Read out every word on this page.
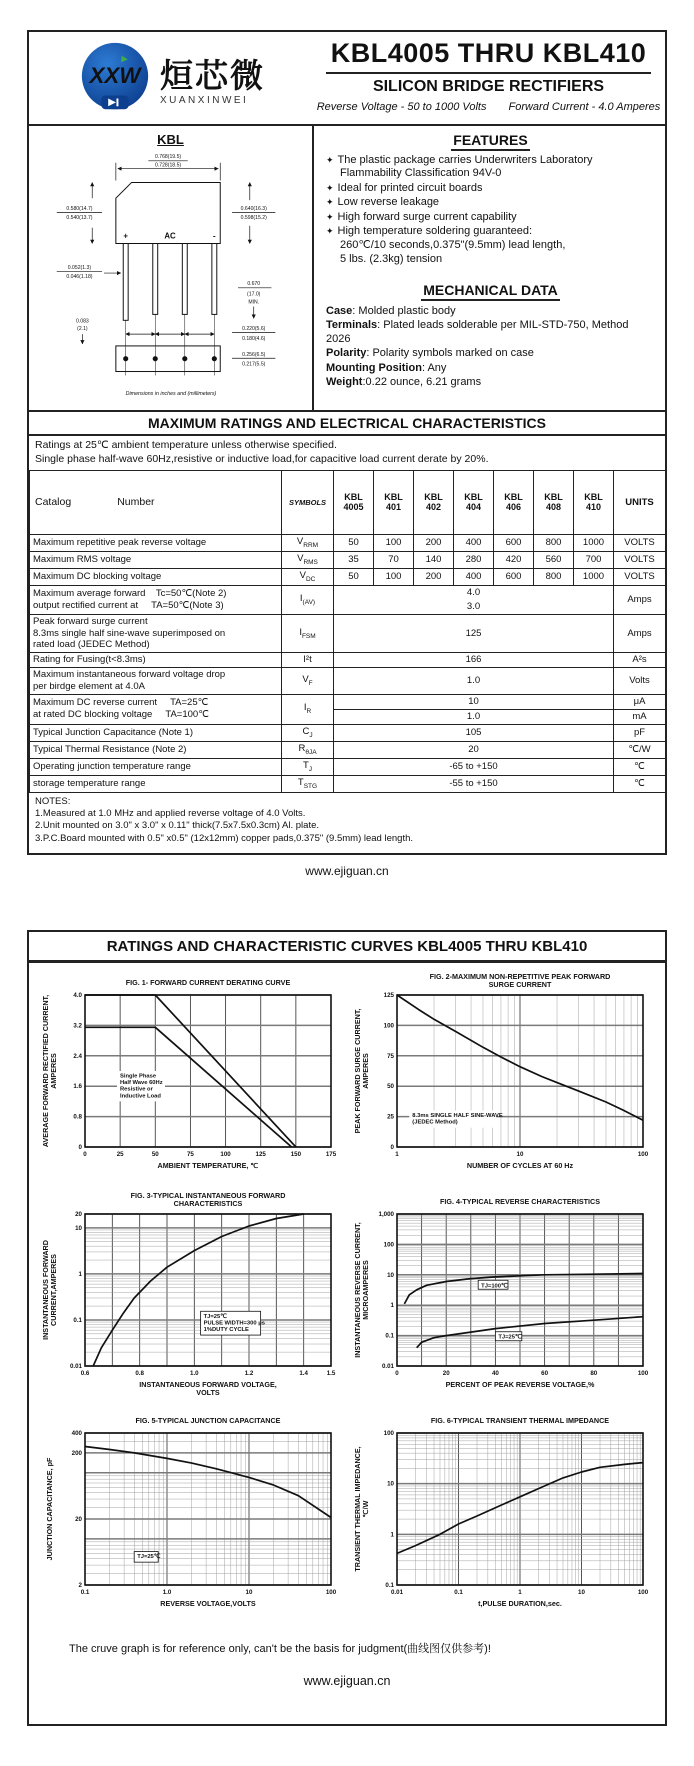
XXW 烜芯微
XUANXINWEI
KBL4005 THRU KBL410
SILICON BRIDGE RECTIFIERS
Reverse Voltage - 50 to 1000 Volts Forward Current - 4.0 Amperes
KBL
0.768(19.5)
0.728(18.5)
0.580(14.7)
0.540(13.7)
0.640(16.3)
0.598(15.2)
0.052(1.3)
0.046(1.18)
0.670
(17.0)
MIN.
0.083
(2.1)	0.220(5.6)
0.180(4.6)
0.256(6.5)
0.217(5.5)
+	AC	-
Dimensions in inches and (millimeters)
FEATURES
✦ The plastic package carries Underwriters Laboratory Flammability Classification 94V-0
✦ Ideal for printed circuit boards
✦ Low reverse leakage
✦ High forward surge current capability
✦ High temperature soldering guaranteed:
260℃/10 seconds,0.375"(9.5mm) lead length,
5 lbs. (2.3kg) tension
MECHANICAL DATA
Case: Molded plastic body
Terminals: Plated leads solderable per MIL-STD-750, Method 2026
Polarity: Polarity symbols marked on case
Mounting Position: Any
Weight:0.22 ounce, 6.21 grams
MAXIMUM RATINGS AND ELECTRICAL CHARACTERISTICS
Ratings at 25℃ ambient temperature unless otherwise specified.
Single phase half-wave 60Hz,resistive or inductive load,for capacitive load current derate by 20%.

Catalog	Number	SYMBOLS	
KBL
4005

KBL
401

KBL
402

KBL
404

KBL
406

KBL
408

KBL
410	UNITS

Maximum repetitive peak reverse voltage	$V_{RRM}$	50	100	200	400	600	800	1000	VOLTS

Maximum RMS voltage	$V_{RMS}$	35	70	140	280	420	560	700	VOLTS

Maximum DC blocking voltage	$V_{DC}$	50	100	200	400	600	800	1000	VOLTS

Maximum average forward    Tc=50℃(Note 2)
output rectified current at     TA=50℃(Note 3)	$I_{(AV)}$	4.0							Amps
		3.0							

Peak forward surge current
8.3ms single half sine-wave superimposed on
rated load (JEDEC Method)	$I_{FSM}$	125							Amps

Rating for Fusing(t<8.3ms)	I²t	166							A²s

Maximum instantaneous forward voltage drop
per birdge element at 4.0A	$V_F$	1.0							Volts

Maximum DC reverse current     TA=25℃
at rated DC blocking voltage     TA=100℃	$I_R$	10							μA
		1.0							mA

Typical Junction Capacitance (Note 1)	$C_J$	105							pF

Typical Thermal Resistance (Note 2)	$R_{\theta JA}$	20							℃/W

Operating junction temperature range	$T_J$	-65 to +150							℃

storage temperature range	$T_{STG}$	-55 to +150							℃
NOTES:
1.Measured at 1.0 MHz and applied reverse voltage of 4.0 Volts.
2.Unit mounted on 3.0" x 3.0" x 0.11" thick(7.5x7.5x0.3cm) Al. plate.
3.P.C.Board mounted with 0.5" x0.5" (12x12mm) copper pads,0.375" (9.5mm) lead length.
www.ejiguan.cn
RATINGS AND CHARACTERISTIC CURVES KBL4005 THRU KBL410
0	25	50	75	100	125	150	175
0
0.8
1.6
2.4
3.2
4.0
FIG. 1- FORWARD CURRENT DERATING CURVE
AMBIENT TEMPERATURE, ℃
AVERAGE FORWARD RECTIFIED CURRENT, AMPERES	Single Phase
Half Wave 60Hz
Resistive or
Inductive Load
1	10	100
0
25
50
75
100
125
FIG. 2-MAXIMUM NON-REPETITIVE PEAK FORWARD
SURGE CURRENT
NUMBER OF CYCLES AT 60 Hz
PEAK FORWARD SURGE CURRENT, AMPERES
8.3ms SINGLE HALF SINE-WAVE
(JEDEC Method)
0.6	0.8	1.0	1.2	1.4	1.5
0.01
0.1
1
10
20
FIG. 3-TYPICAL INSTANTANEOUS FORWARD
CHARACTERISTICS
INSTANTANEOUS FORWARD VOLTAGE,
VOLTS
INSTANTANEOUS FORWARD CURRENT,AMPERES	TJ=25℃
PULSE WIDTH=300 μs
1%DUTY CYCLE
0	20	40	60	80	100
0.01
0.1
1
10
100
1,000
FIG. 4-TYPICAL REVERSE CHARACTERISTICS
PERCENT OF PEAK REVERSE VOLTAGE,%
INSTANTANEOUS REVERSE CURRENT, MICROAMPERES	TJ=100℃
TJ=25℃
0.1	1.0	10	100
2
20
200
400
FIG. 5-TYPICAL JUNCTION CAPACITANCE
REVERSE VOLTAGE,VOLTS
JUNCTION CAPACITANCE, pF	TJ=25℃
0.01	0.1	1	10	100
0.1
1
10
100
FIG. 6-TYPICAL TRANSIENT THERMAL IMPEDANCE
t,PULSE DURATION,sec.
TRANSIENT THERMAL IMPEDANCE, ℃/W
The cruve graph is for reference only, can't be the basis for judgment(曲线图仅供参考)!
www.ejiguan.cn
